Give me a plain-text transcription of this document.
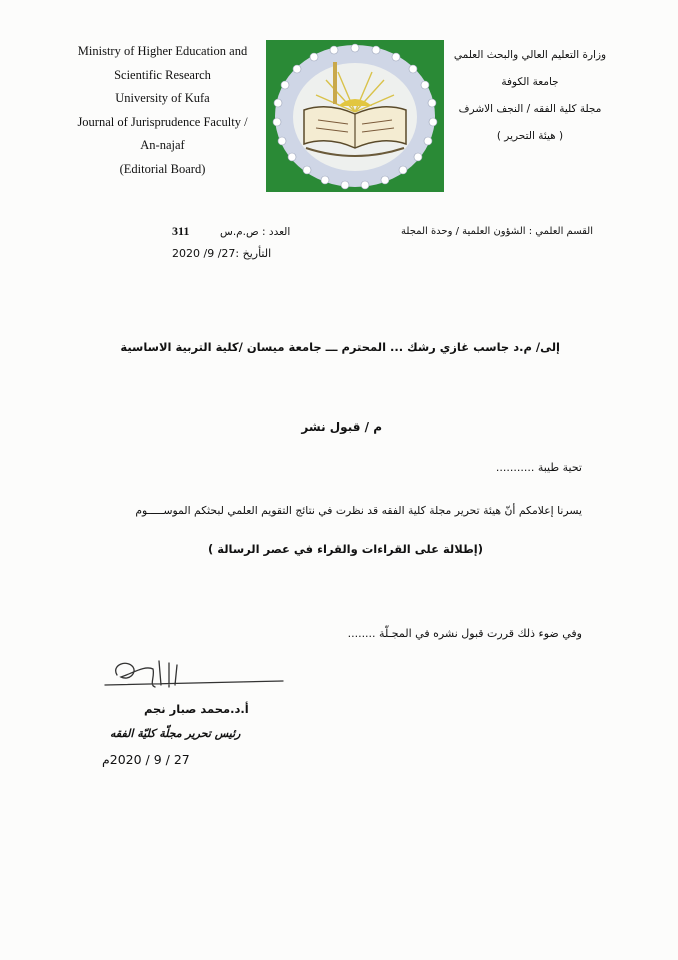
Ministry of Higher Education and
Scientific Research
University of Kufa
Journal of Jurisprudence Faculty /
An-najaf
(Editorial Board)
وزارة التعليم العالي والبحث العلمي
جامعة الكوفة
مجلة كلية الفقه / النجف الاشرف
( هيئة التحرير )
العدد : ص.م.س
311
التأريخ :27/ 9/ 2020
القسم العلمي : الشؤون العلمية / وحدة المجلة
إلى/ م.د جاسب غازي رشك ... المحترم ـــ جامعة ميسان /كلية التربية الاساسية
م / قبول نشر
تحية طيبة ...........
يسرنا إعلامكم أنّ هيئة تحرير مجلة كلية الفقه قد نظرت في نتائج التقويم العلمي لبحثكم الموســـــوم
(إطلالة على القراءات والقراء في عصر الرسالة )
وفي ضوء ذلك قررت قبول نشره في المجـلّة ........
أ.د.محمد صبار نجم
رئيس تحرير مجلّة كليّة الفقه
27 / 9 / 2020م
